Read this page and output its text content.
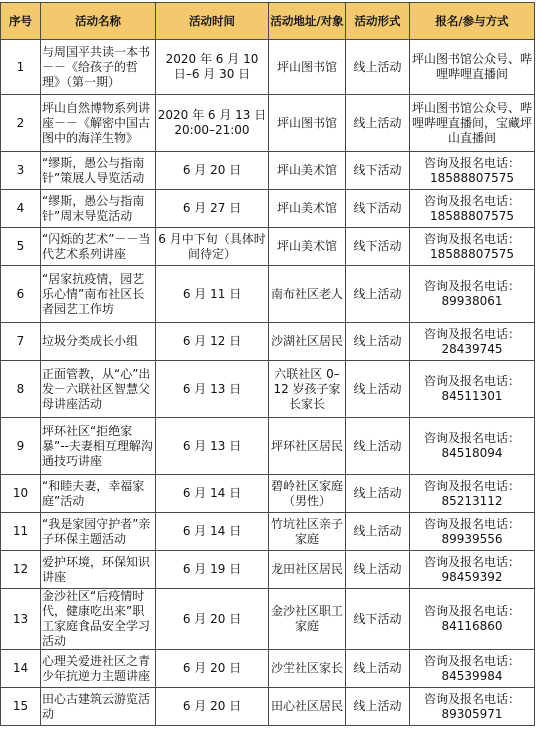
序号	活动名称	活动时间	活动地址/对象	活动形式	报名/参与方式
1	与周国平共读一本书－－《给孩子的哲理》（第一期）	2020 年 6 月 10 日–6 月 30 日	坪山图书馆	线上活动	坪山图书馆公众号、哔哩哔哩直播间
2	坪山自然博物系列讲座－－《解密中国古图中的海洋生物》	2020 年 6 月 13 日 20:00–21:00	坪山图书馆	线上活动	坪山图书馆公众号、哔哩哔哩直播间，宝藏坪山直播间
3	“缪斯，愚公与指南针”策展人导览活动	6 月 20 日	坪山美术馆	线下活动	咨询及报名电话：18588807575
4	“缪斯，愚公与指南针”周末导览活动	6 月 27 日	坪山美术馆	线下活动	咨询及报名电话：18588807575
5	“闪烁的艺术”－－当代艺术系列讲座	6 月中下旬（具体时间待定）	坪山美术馆	线下活动	咨询及报名电话：18588807575
6	“居家抗疫情，园艺乐心情”南布社区长者园艺工作坊	6 月 11 日	南布社区老人	线上活动	咨询及报名电话：89938061
7	垃圾分类成长小组	6 月 12 日	沙湖社区居民	线上活动	咨询及报名电话：28439745
8	正面管教，从“心”出发－六联社区智慧父母讲座活动	6 月 13 日	六联社区 0–12 岁孩子家长家长	线上活动	咨询及报名电话：84511301
9	坪环社区“拒绝家暴”--夫妻相互理解沟通技巧讲座	6 月 13 日	坪环社区居民	线上活动	咨询及报名电话：84518094
10	“和睦夫妻，幸福家庭”活动	6 月 14 日	碧岭社区家庭（男性）	线上活动	咨询及报名电话：85213112
11	“我是家园守护者”亲子环保主题活动	6 月 14 日	竹坑社区亲子家庭	线上活动	咨询及报名电话：89939556
12	爱护环境，环保知识讲座	6 月 19 日	龙田社区居民	线上活动	咨询及报名电话：98459392
13	金沙社区“后疫情时代，健康吃出来”职工家庭食品安全学习活动	6 月 20 日	金沙社区职工家庭	线下活动	咨询及报名电话：84116860
14	心理关爱进社区之青少年抗逆力主题讲座	6 月 20 日	沙坣社区家长	线上活动	咨询及报名电话：84539984
15	田心古建筑云游览活动	6 月 20 日	田心社区居民	线上活动	咨询及报名电话：89305971
